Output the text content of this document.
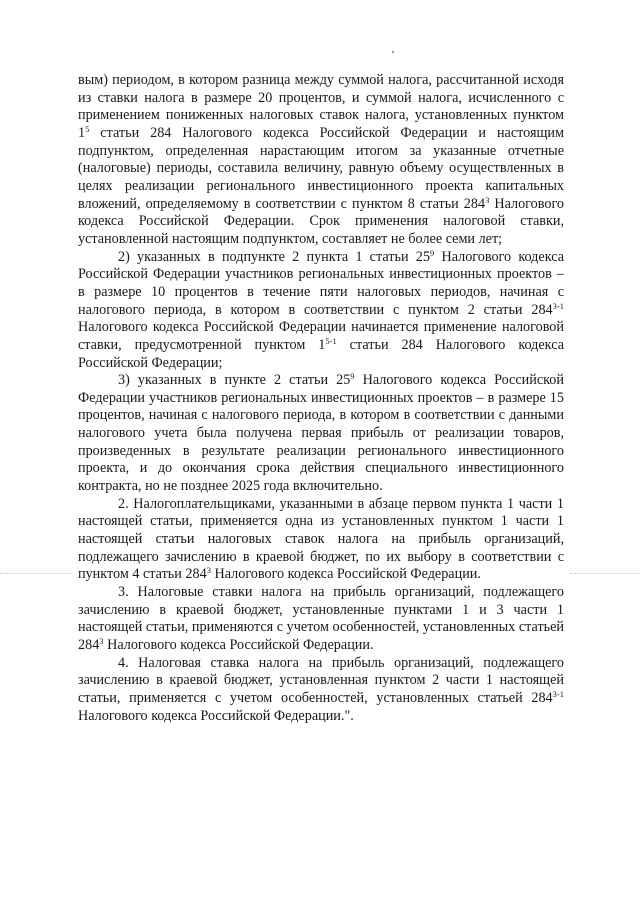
вым) периодом, в котором разница между суммой налога, рассчитанной исходя из ставки налога в размере 20 процентов, и суммой налога, исчисленного с применением пониженных налоговых ставок налога, установленных пунктом $1^5$ статьи 284 Налогового кодекса Российской Федерации и настоящим подпунктом, определенная нарастающим итогом за указанные отчетные (налоговые) периоды, составила величину, равную объему осуществленных в целях реализации регионального инвестиционного проекта капитальных вложений, определяемому в соответствии с пунктом 8 статьи $284^3$ Налогового кодекса Российской Федерации. Срок применения налоговой ставки, установленной настоящим подпунктом, составляет не более семи лет;

2) указанных в подпункте 2 пункта 1 статьи $25^9$ Налогового кодекса Российской Федерации участников региональных инвестиционных проектов – в размере 10 процентов в течение пяти налоговых периодов, начиная с налогового периода, в котором в соответствии с пунктом 2 статьи 284$^{3-1}$ Налогового кодекса Российской Федерации начинается применение налоговой ставки, предусмотренной пунктом 1$^{5-1}$ статьи 284 Налогового кодекса Российской Федерации;

3) указанных в пункте 2 статьи $25^9$ Налогового кодекса Российской Федерации участников региональных инвестиционных проектов – в размере 15 процентов, начиная с налогового периода, в котором в соответствии с данными налогового учета была получена первая прибыль от реализации товаров, произведенных в результате реализации регионального инвестиционного проекта, и до окончания срока действия специального инвестиционного контракта, но не позднее 2025 года включительно.

2. Налогоплательщиками, указанными в абзаце первом пункта 1 части 1 настоящей статьи, применяется одна из установленных пунктом 1 части 1 настоящей статьи налоговых ставок налога на прибыль организаций, подлежащего зачислению в краевой бюджет, по их выбору в соответствии с пунктом 4 статьи $284^3$ Налогового кодекса Российской Федерации.

3. Налоговые ставки налога на прибыль организаций, подлежащего зачислению в краевой бюджет, установленные пунктами 1 и 3 части 1 настоящей статьи, применяются с учетом особенностей, установленных статьей $284^3$ Налогового кодекса Российской Федерации.

4. Налоговая ставка налога на прибыль организаций, подлежащего зачислению в краевой бюджет, установленная пунктом 2 части 1 настоящей статьи, применяется с учетом особенностей, установленных статьей 284$^{3-1}$ Налогового кодекса Российской Федерации.".
